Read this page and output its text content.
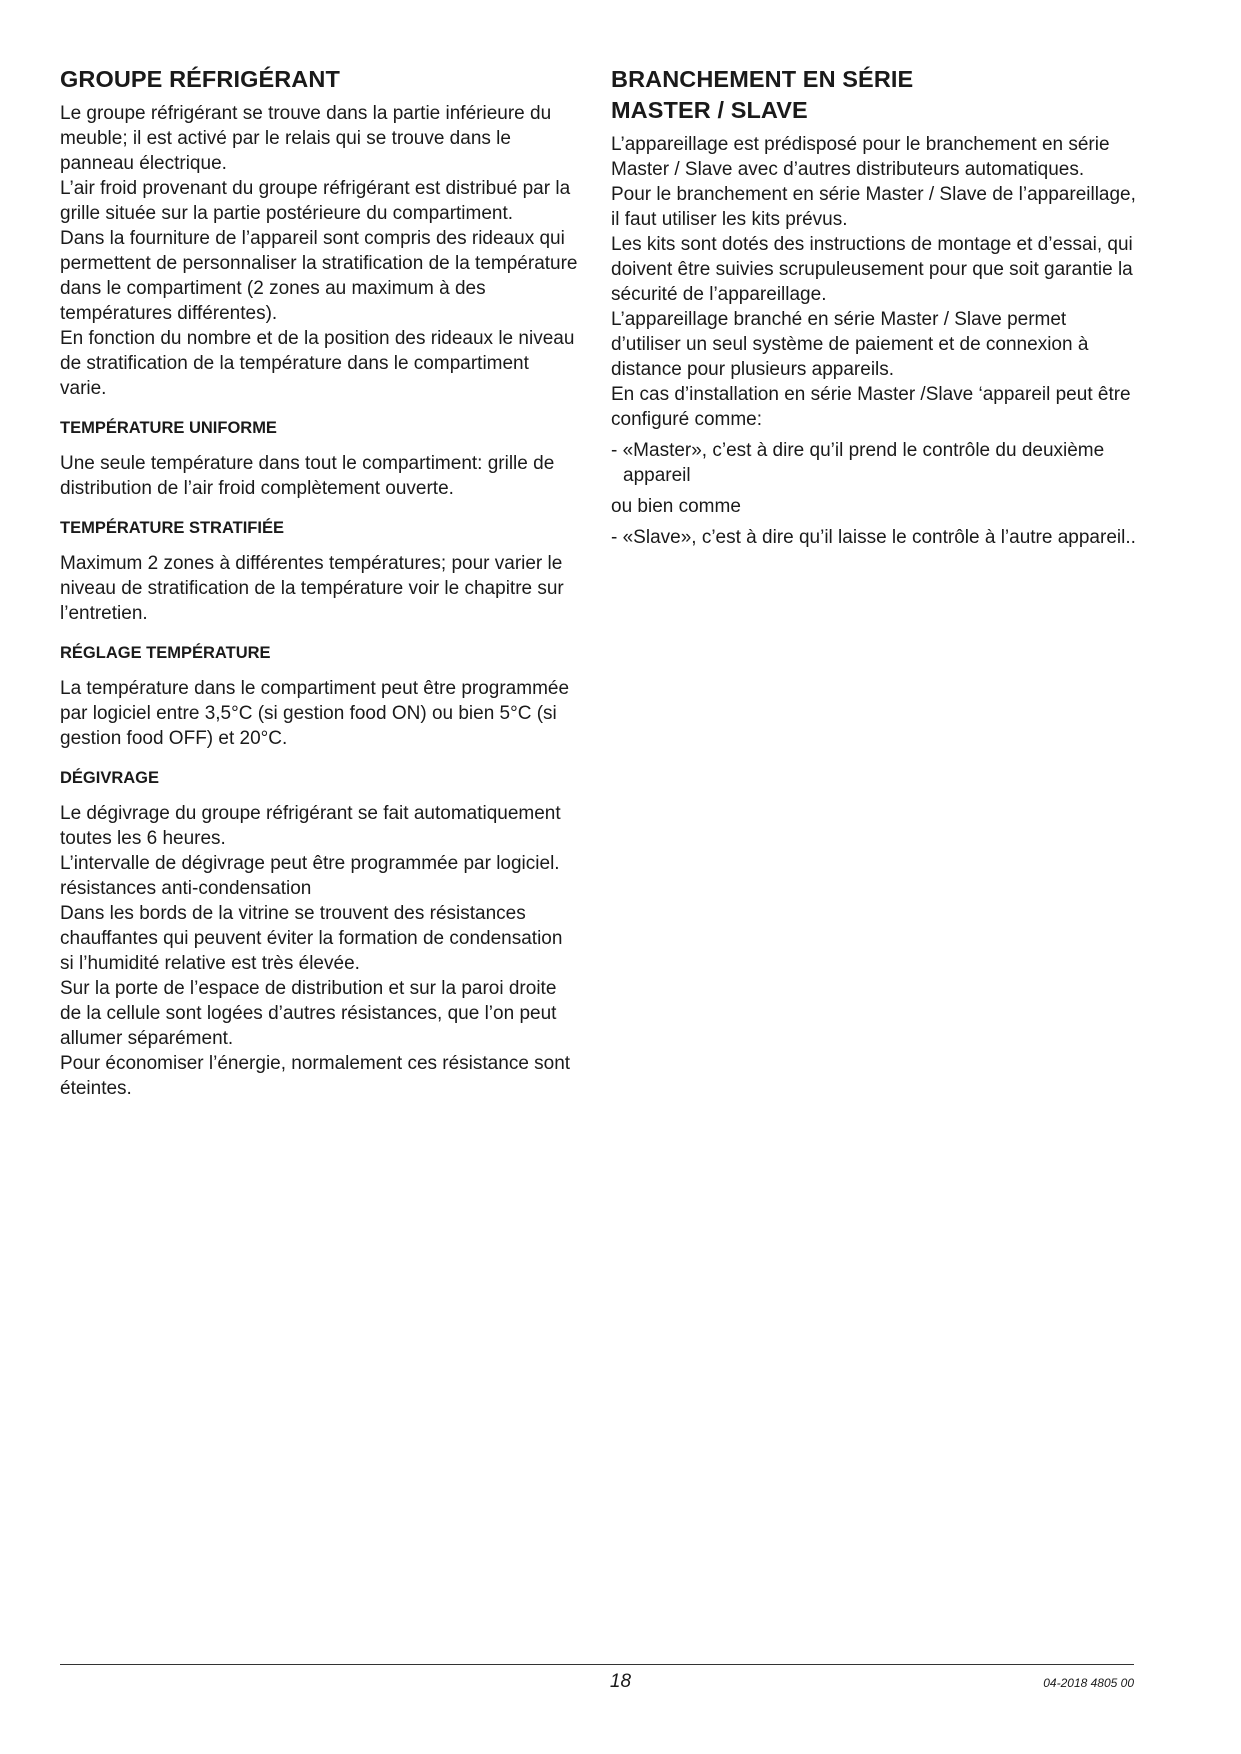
GROUPE RÉFRIGÉRANT

Le groupe réfrigérant se trouve dans la partie inférieure du meuble; il est activé par le relais qui se trouve dans le panneau électrique.

L’air froid provenant du groupe réfrigérant est distribué par la grille située sur la partie postérieure du compartiment.

Dans la fourniture de l’appareil sont compris des rideaux qui permettent de personnaliser la stratification de la température dans le compartiment (2 zones au maximum à des températures différentes).

En fonction du nombre et de la position des rideaux le niveau de stratification de la température dans le compartiment varie.

TEMPÉRATURE UNIFORME

Une seule température dans tout le compartiment: grille de distribution de l’air froid complètement ouverte.

TEMPÉRATURE STRATIFIÉE

Maximum 2 zones à différentes températures; pour varier le niveau de stratification de la température voir le chapitre sur l’entretien.

RÉGLAGE TEMPÉRATURE

La température dans le compartiment peut être programmée par logiciel entre 3,5°C (si gestion food ON) ou bien 5°C (si gestion food OFF) et 20°C.

DÉGIVRAGE

Le dégivrage du groupe réfrigérant se fait automatiquement toutes les 6 heures.

L’intervalle de dégivrage peut être programmée par logiciel.

résistances anti-condensation

Dans les bords de la vitrine se trouvent des résistances chauffantes qui peuvent éviter la formation de condensation si l’humidité relative est très élevée.

Sur la porte de l’espace de distribution et sur la paroi droite de la cellule sont logées d’autres résistances, que l’on peut allumer séparément.

Pour économiser l’énergie, normalement ces résistance sont éteintes.

BRANCHEMENT EN SÉRIE
MASTER / SLAVE

L’appareillage est prédisposé pour le branchement en série Master / Slave avec d’autres distributeurs automatiques.

Pour le branchement en série Master / Slave de l’appareillage, il faut utiliser les kits prévus.

Les kits sont dotés des instructions de montage et d’essai, qui doivent être suivies scrupuleusement pour que soit garantie la sécurité de l’appareillage.

L’appareillage branché en série Master / Slave permet d’utiliser un seul système de paiement et de connexion à distance pour plusieurs appareils.

En cas d’installation en série Master /Slave ‘appareil peut être configuré comme:

- «Master», c’est à dire qu’il prend le contrôle du deuxième appareil

ou bien comme

- «Slave», c’est à dire qu’il laisse le contrôle à l’autre appareil..
18	04-2018 4805 00
